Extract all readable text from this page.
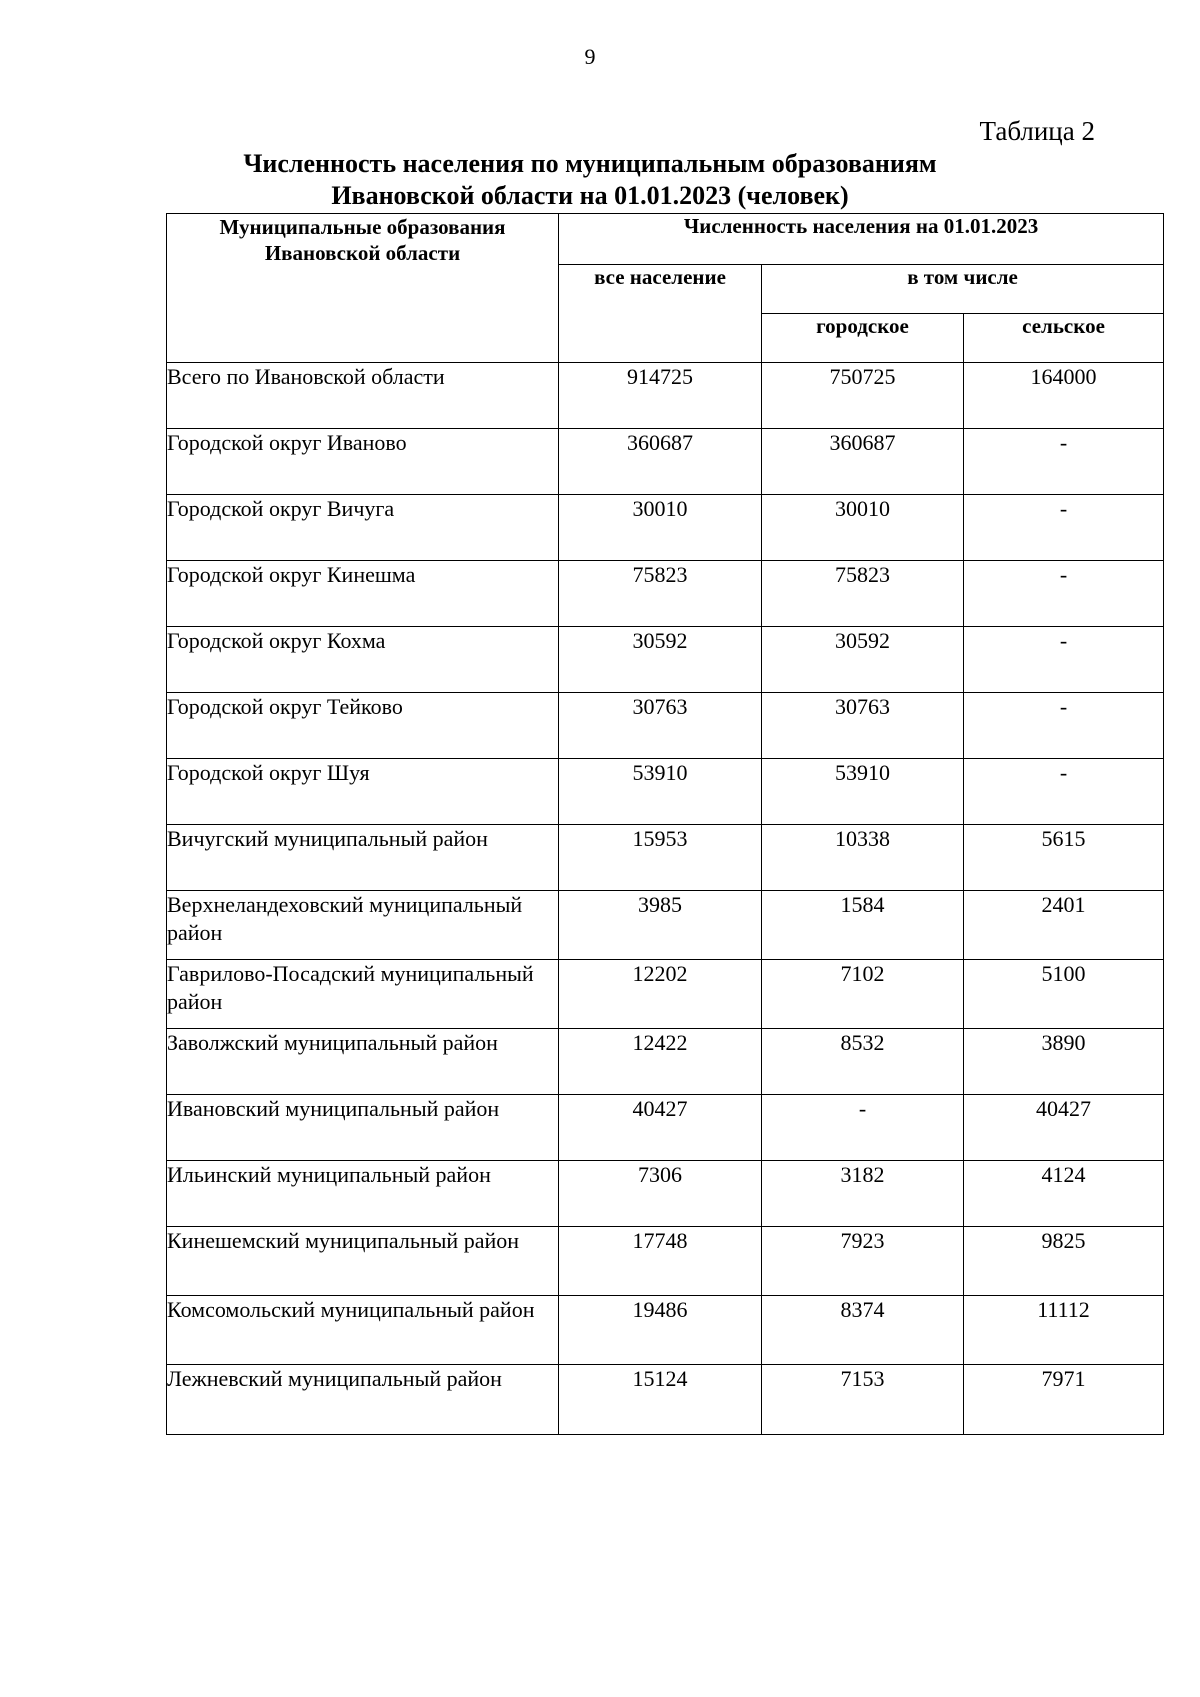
9
Таблица 2
Численность населения по муниципальным образованиям
Ивановской области на 01.01.2023 (человек)
Муниципальные образования Ивановской области	Численность населения на 01.01.2023		
	все население	в том числе	
		городское	сельское
Всего по Ивановской области	914725	750725	164000
Городской округ Иваново	360687	360687	-
Городской округ Вичуга	30010	30010	-
Городской округ Кинешма	75823	75823	-
Городской округ Кохма	30592	30592	-
Городской округ Тейково	30763	30763	-
Городской округ Шуя	53910	53910	-
Вичугский муниципальный район	15953	10338	5615
Верхнеландеховский муниципальный район	3985	1584	2401
Гаврилово-Посадский муниципальный район	12202	7102	5100
Заволжский муниципальный район	12422	8532	3890
Ивановский муниципальный район	40427	-	40427
Ильинский муниципальный район	7306	3182	4124
Кинешемский муниципальный район	17748	7923	9825
Комсомольский муниципальный район	19486	8374	11112
Лежневский муниципальный район	15124	7153	7971
